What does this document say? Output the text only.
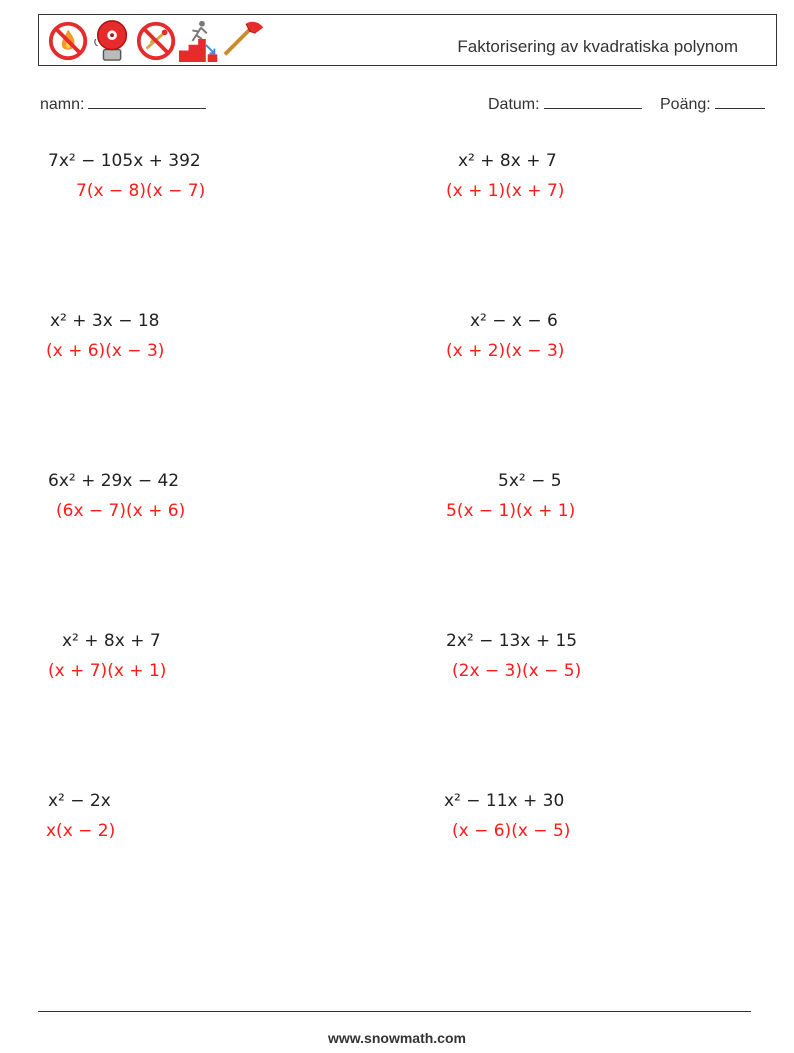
Faktorisering av kvadratiska polynom
namn:	Datum:	Poäng:
7x² − 105x + 392
7(x − 8)(x − 7)
x² + 8x + 7
(x + 1)(x + 7)
x² + 3x − 18
(x + 6)(x − 3)
x² − x − 6
(x + 2)(x − 3)
6x² + 29x − 42
(6x − 7)(x + 6)
5x² − 5
5(x − 1)(x + 1)
x² + 8x + 7
(x + 7)(x + 1)
2x² − 13x + 15
(2x − 3)(x − 5)
x² − 2x
x(x − 2)
x² − 11x + 30
(x − 6)(x − 5)
www.snowmath.com
